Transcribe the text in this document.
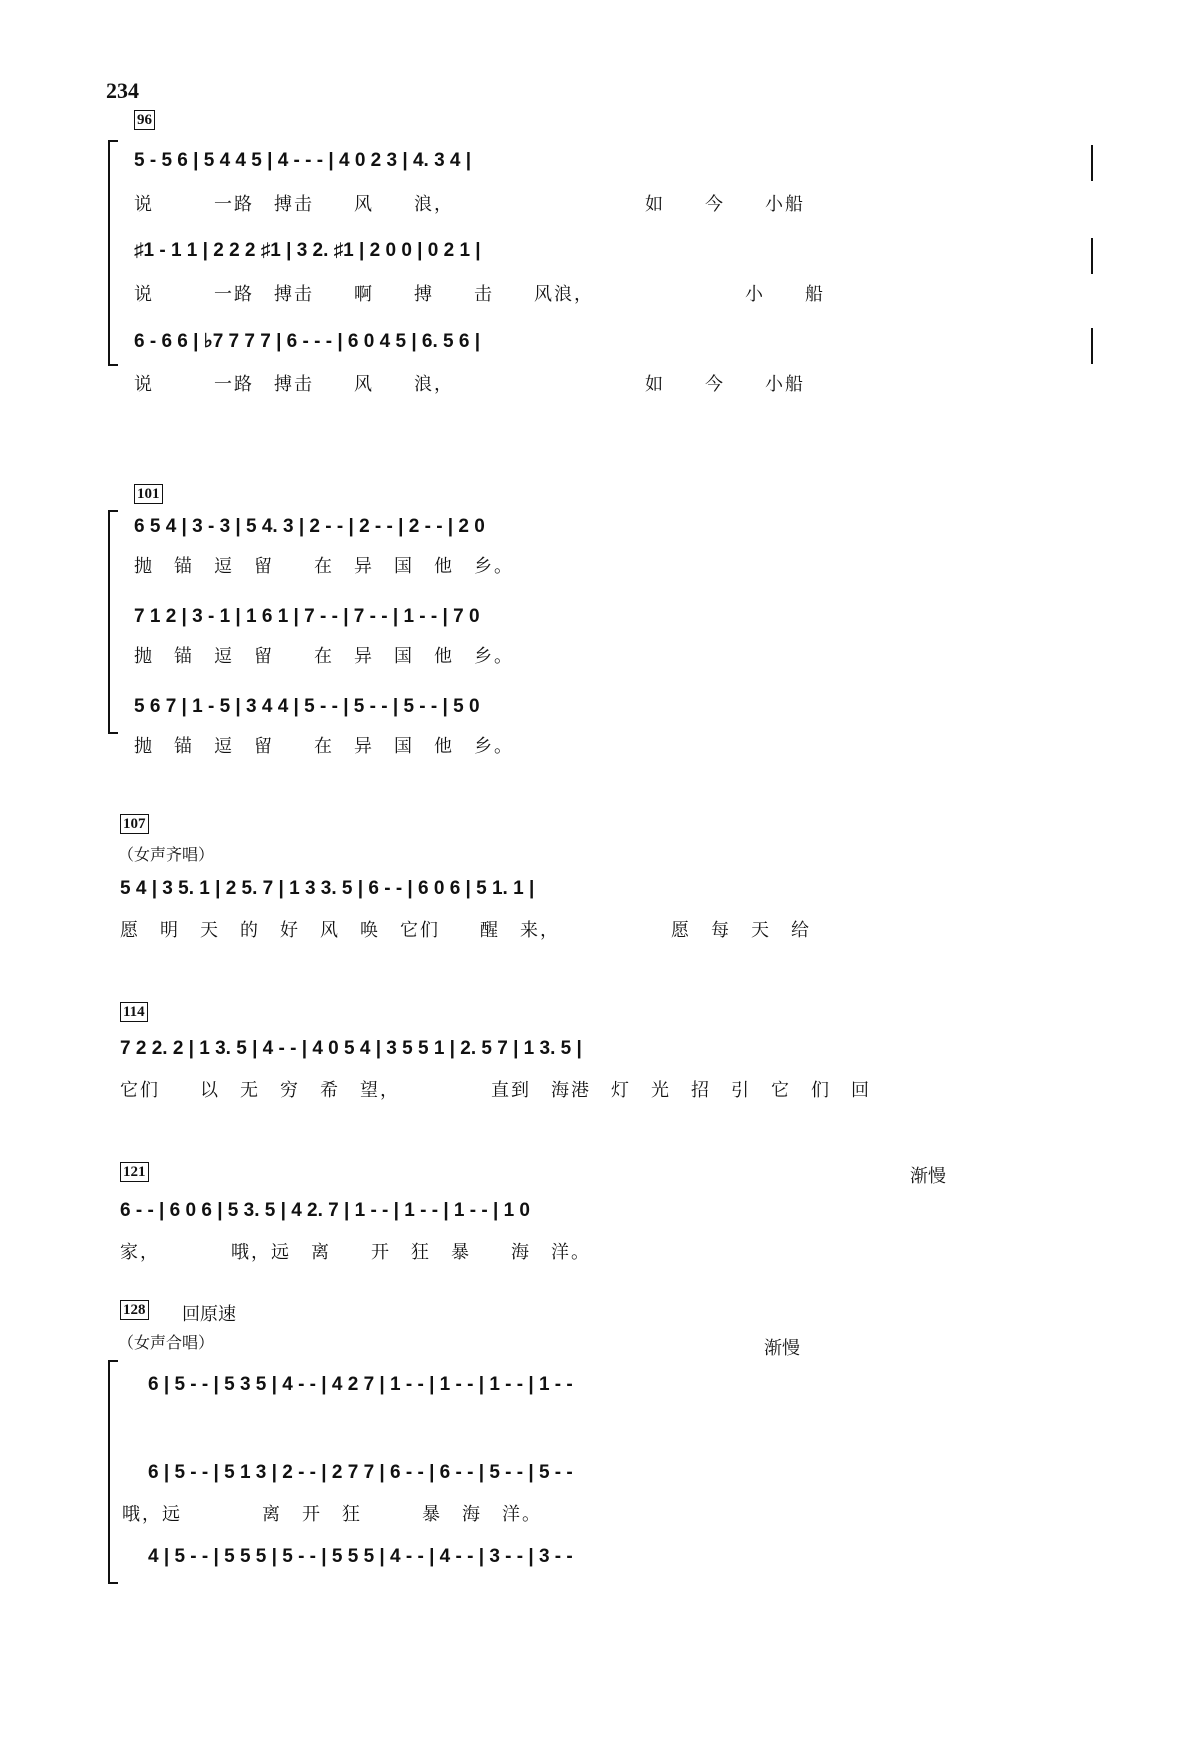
234
96
5 - 5 6 | 5 4 4 5 | 4 - - - | 4 0 2 3 | 4. 3 4 |
说　　　一路　搏击　　风　　浪，　　　　　　　　　　如　　今　　小船
♯1 - 1 1 | 2 2 2 ♯1 | 3 2. ♯1 | 2 0 0 | 0 2 1 |
说　　　一路　搏击　　啊　　搏　　击　　风浪，　　　　　　　　小　　船
6 - 6 6 | ♭7 7 7 7 | 6 - - - | 6 0 4 5 | 6. 5 6 |
说　　　一路　搏击　　风　　浪，　　　　　　　　　　如　　今　　小船
101
6 5 4 | 3 - 3 | 5 4. 3 | 2 - - | 2 - - | 2 - - | 2 0
抛　锚　逗　留　　在　异　国　他　乡。
7 1 2 | 3 - 1 | 1 6 1 | 7 - - | 7 - - | 1 - - | 7 0
抛　锚　逗　留　　在　异　国　他　乡。
5 6 7 | 1 - 5 | 3 4 4 | 5 - - | 5 - - | 5 - - | 5 0
抛　锚　逗　留　　在　异　国　他　乡。
107
（女声齐唱）
5 4 | 3 5. 1 | 2 5. 7 | 1 3 3. 5 | 6 - - | 6 0 6 | 5 1. 1 |
愿　明　天　的　好　风　唤　它们　　醒　来，　　　　　　愿　每　天　给
114
7 2 2. 2 | 1 3. 5 | 4 - - | 4 0 5 4 | 3 5 5 1 | 2. 5 7 | 1 3. 5 |
它们　　以　无　穷　希　望，　　　　　直到　海港　灯　光　招　引　它　们　回
121	渐慢
6 - - | 6 0 6 | 5 3. 5 | 4 2. 7 | 1 - - | 1 - - | 1 - - | 1 0
家，　　　　哦，远　离　　开　狂　暴　　海　洋。
128 回原速
（女声合唱）	渐慢
6 | 5 - - | 5 3 5 | 4 - - | 4 2 7 | 1 - - | 1 - - | 1 - - | 1 - -
6 | 5 - - | 5 1 3 | 2 - - | 2 7 7 | 6 - - | 6 - - | 5 - - | 5 - -
哦，远　　　　离　开　狂　　　暴　海　洋。
4 | 5 - - | 5 5 5 | 5 - - | 5 5 5 | 4 - - | 4 - - | 3 - - | 3 - -
